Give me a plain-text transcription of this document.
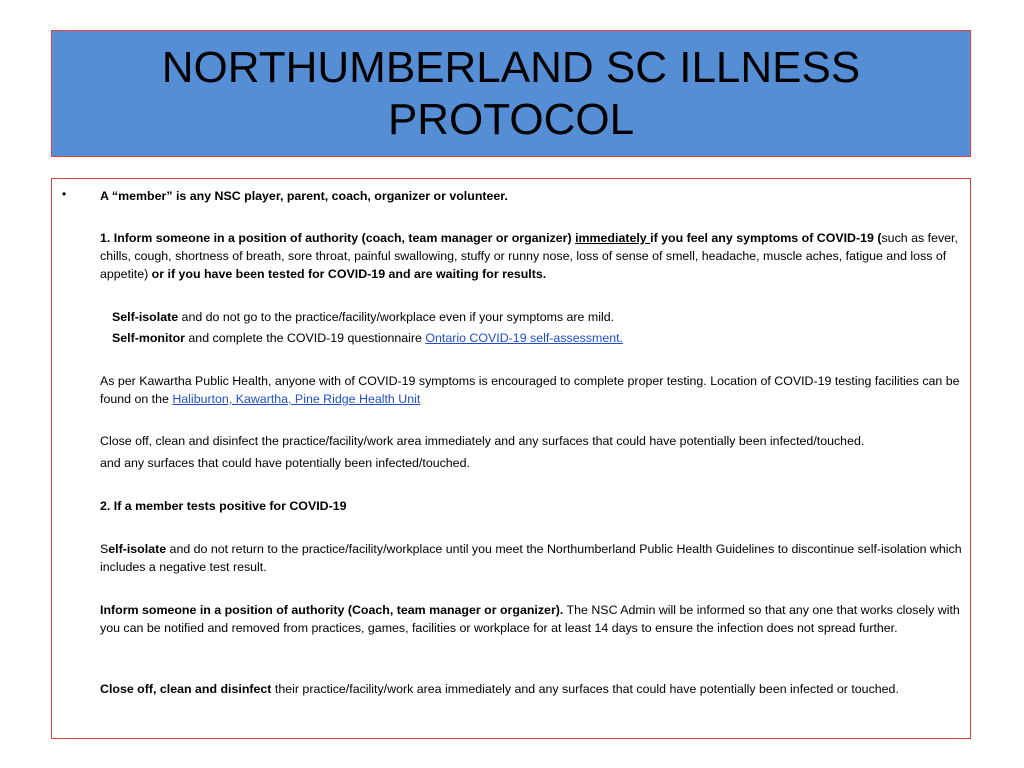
NORTHUMBERLAND SC ILLNESS
PROTOCOL
•	A “member” is any NSC player, parent, coach, organizer or volunteer.

1. Inform someone in a position of authority (coach, team manager or organizer) immediately if you feel any symptoms of COVID-19 (such as fever, chills, cough, shortness of breath, sore throat, painful swallowing, stuffy or runny nose, loss of sense of smell, headache, muscle aches, fatigue and loss of appetite) or if you have been tested for COVID-19 and are waiting for results.

Self-isolate and do not go to the practice/facility/workplace even if your symptoms are mild.

Self-monitor and complete the COVID-19 questionnaire Ontario COVID-19 self-assessment.

As per Kawartha Public Health, anyone with of COVID-19 symptoms is encouraged to complete proper testing. Location of COVID-19 testing facilities can be found on the Haliburton, Kawartha, Pine Ridge Health Unit

Close off, clean and disinfect the practice/facility/work area immediately and any surfaces that could have potentially been infected/touched.

and any surfaces that could have potentially been infected/touched.

2. If a member tests positive for COVID-19

Self-isolate and do not return to the practice/facility/workplace until you meet the Northumberland Public Health Guidelines to discontinue self-isolation which includes a negative test result.

Inform someone in a position of authority (Coach, team manager or organizer). The NSC Admin will be informed so that any one that works closely with you can be notified and removed from practices, games, facilities or workplace for at least 14 days to ensure the infection does not spread further.

Close off, clean and disinfect their practice/facility/work area immediately and any surfaces that could have potentially been infected or touched.
